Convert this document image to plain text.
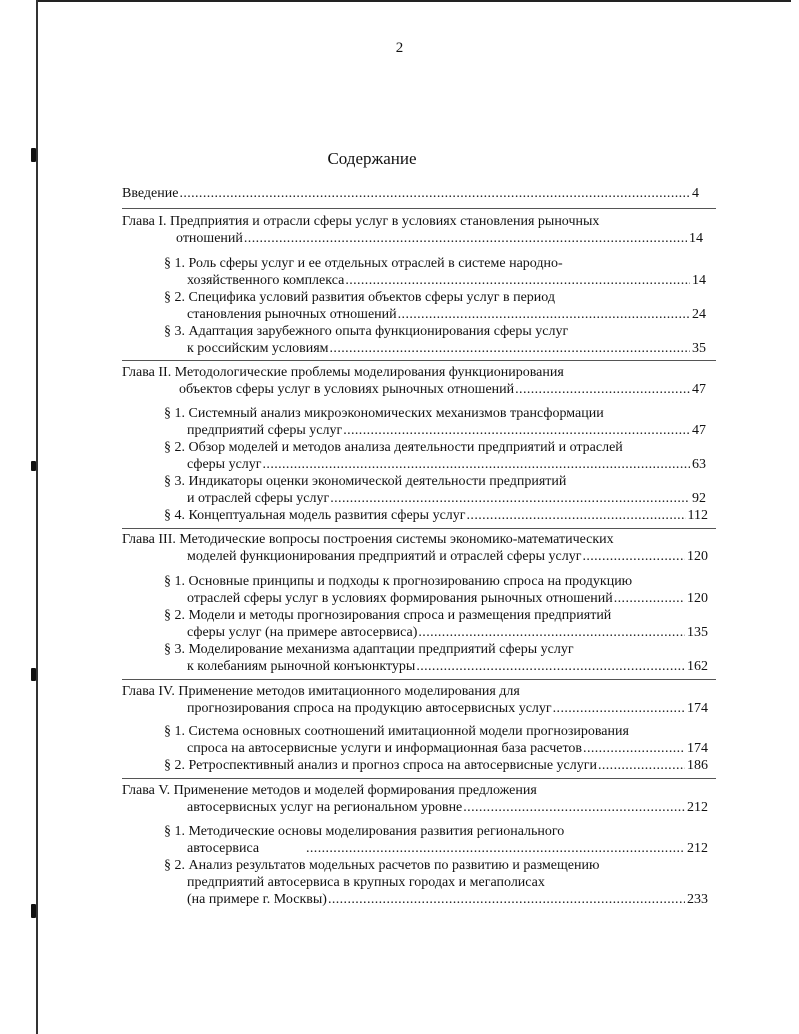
2
Содержание
Введение .....	4
Глава I. Предприятия и отрасли сферы услуг в условиях становления рыночных
отношений .....	14
§ 1. Роль сферы услуг и ее отдельных отраслей в системе народно-
хозяйственного комплекса .....	14
§ 2. Специфика условий развития объектов сферы услуг в период
становления рыночных отношений .....	24
§ 3. Адаптация зарубежного опыта функционирования сферы услуг
к российским условиям .....	35
Глава II. Методологические проблемы моделирования функционирования
объектов сферы услуг в условиях рыночных отношений .....	47
§ 1. Системный анализ микроэкономических механизмов трансформации
предприятий сферы услуг .....	47
§ 2. Обзор моделей и методов анализа деятельности предприятий и отраслей
сферы услуг .....	63
§ 3. Индикаторы оценки экономической деятельности предприятий
и отраслей сферы услуг .....	92
§ 4. Концептуальная модель развития сферы услуг .....	112
Глава III. Методические вопросы построения системы экономико-математических
моделей функционирования предприятий и отраслей сферы услуг .....	120
§ 1. Основные принципы и подходы к прогнозированию спроса на продукцию
отраслей сферы услуг в условиях формирования рыночных отношений .....	120
§ 2. Модели и методы прогнозирования спроса и размещения предприятий
сферы услуг (на примере автосервиса) .....	135
§ 3. Моделирование механизма адаптации предприятий сферы услуг
к колебаниям рыночной конъюнктуры .....	162
Глава IV. Применение методов имитационного моделирования для
прогнозирования спроса на продукцию автосервисных услуг .....	174
§ 1. Система основных соотношений имитационной модели прогнозирования
спроса на автосервисные услуги и информационная база расчетов .....	174
§ 2. Ретроспективный анализ и прогноз спроса на автосервисные услуги .....	186
Глава V. Применение методов и моделей формирования предложения
автосервисных услуг на региональном уровне .....	212
§ 1. Методические основы моделирования развития регионального
автосервиса .....	212
§ 2. Анализ результатов модельных расчетов по развитию и размещению
предприятий автосервиса в крупных городах и мегаполисах
(на примере г. Москвы) .....	233
